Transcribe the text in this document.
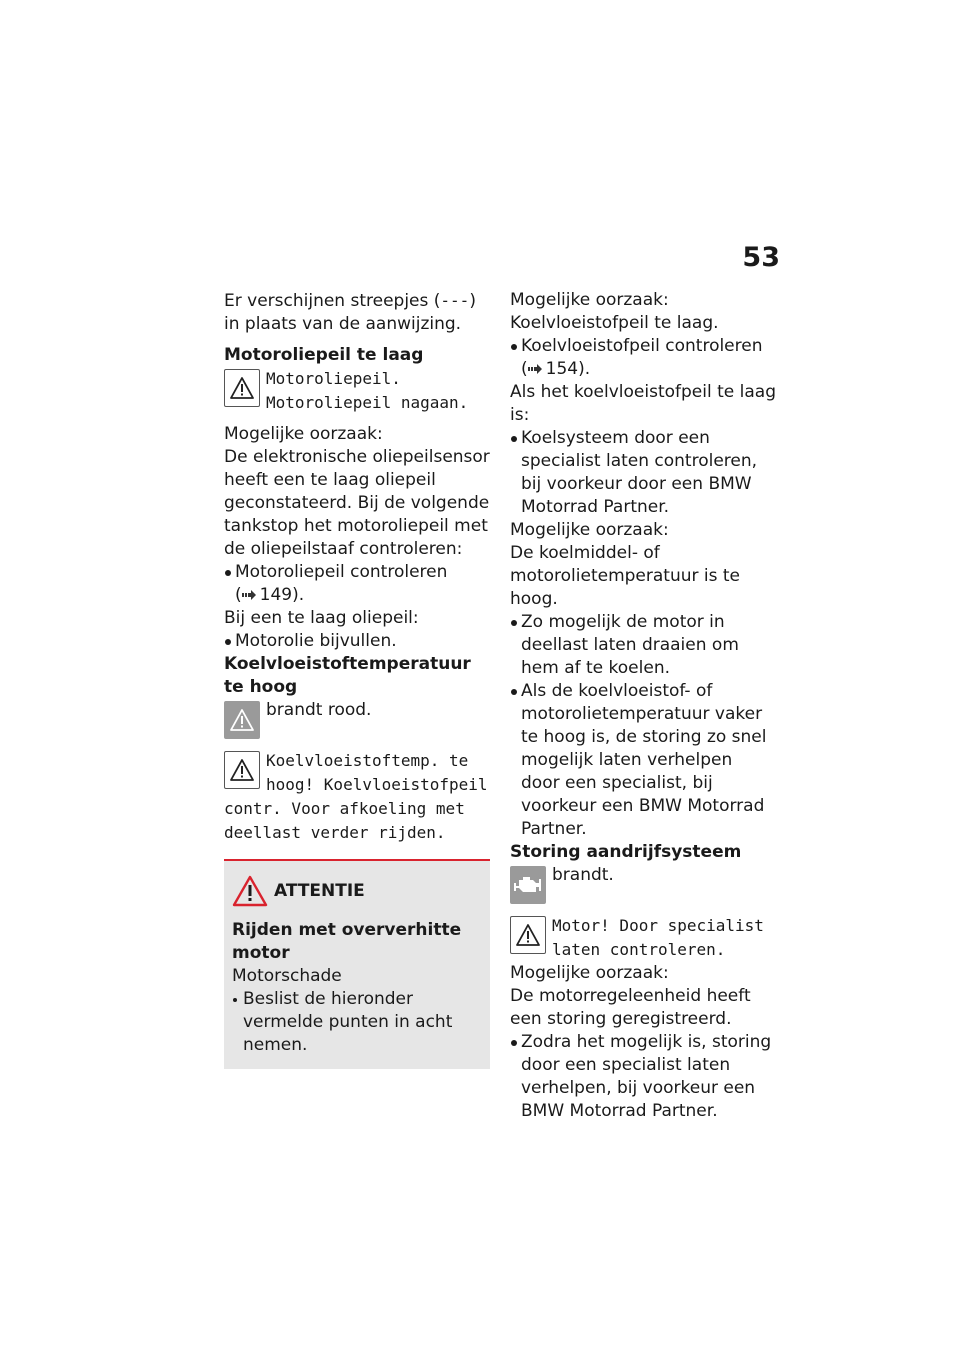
53

Er verschijnen streepjes (---)
in plaats van de aanwijzing.

Motoroliepeil te laag

Motoroliepeil. Motoroliepeil nagaan.

Mogelijke oorzaak:

De elektronische oliepeilsensor heeft een te laag oliepeil geconstateerd. Bij de volgende tankstop het motoroliepeil met de oliepeilstaaf controleren:

Motoroliepeil controleren
( 149).

Bij een te laag oliepeil:

Motorolie bijvullen.

Koelvloeistoftemperatuur te hoog

brandt rood.
Koelvloeistoftemp. te hoog! Koelvloeistofpeil contr. Voor afkoeling met deellast verder rijden.
ATTENTIE

Rijden met oververhitte motor

Motorschade

Beslist de hieronder vermelde punten in acht nemen.

Mogelijke oorzaak:

Koelvloeistofpeil te laag.

Koelvloeistofpeil controleren
( 154).

Als het koelvloeistofpeil te laag is:

Koelsysteem door een specialist laten controleren, bij voorkeur door een BMW Motorrad Partner.

Mogelijke oorzaak:

De koelmiddel- of motorolietemperatuur is te hoog.

Zo mogelijk de motor in deellast laten draaien om hem af te koelen.
Als de koelvloeistof- of motorolietemperatuur vaker te hoog is, de storing zo snel mogelijk laten verhelpen door een specialist, bij voorkeur een BMW Motorrad Partner.

Storing aandrijfsysteem

brandt.
Motor! Door specialist laten controleren.

Mogelijke oorzaak:

De motorregeleenheid heeft een storing geregistreerd.

Zodra het mogelijk is, storing door een specialist laten verhelpen, bij voorkeur een BMW Motorrad Partner.
